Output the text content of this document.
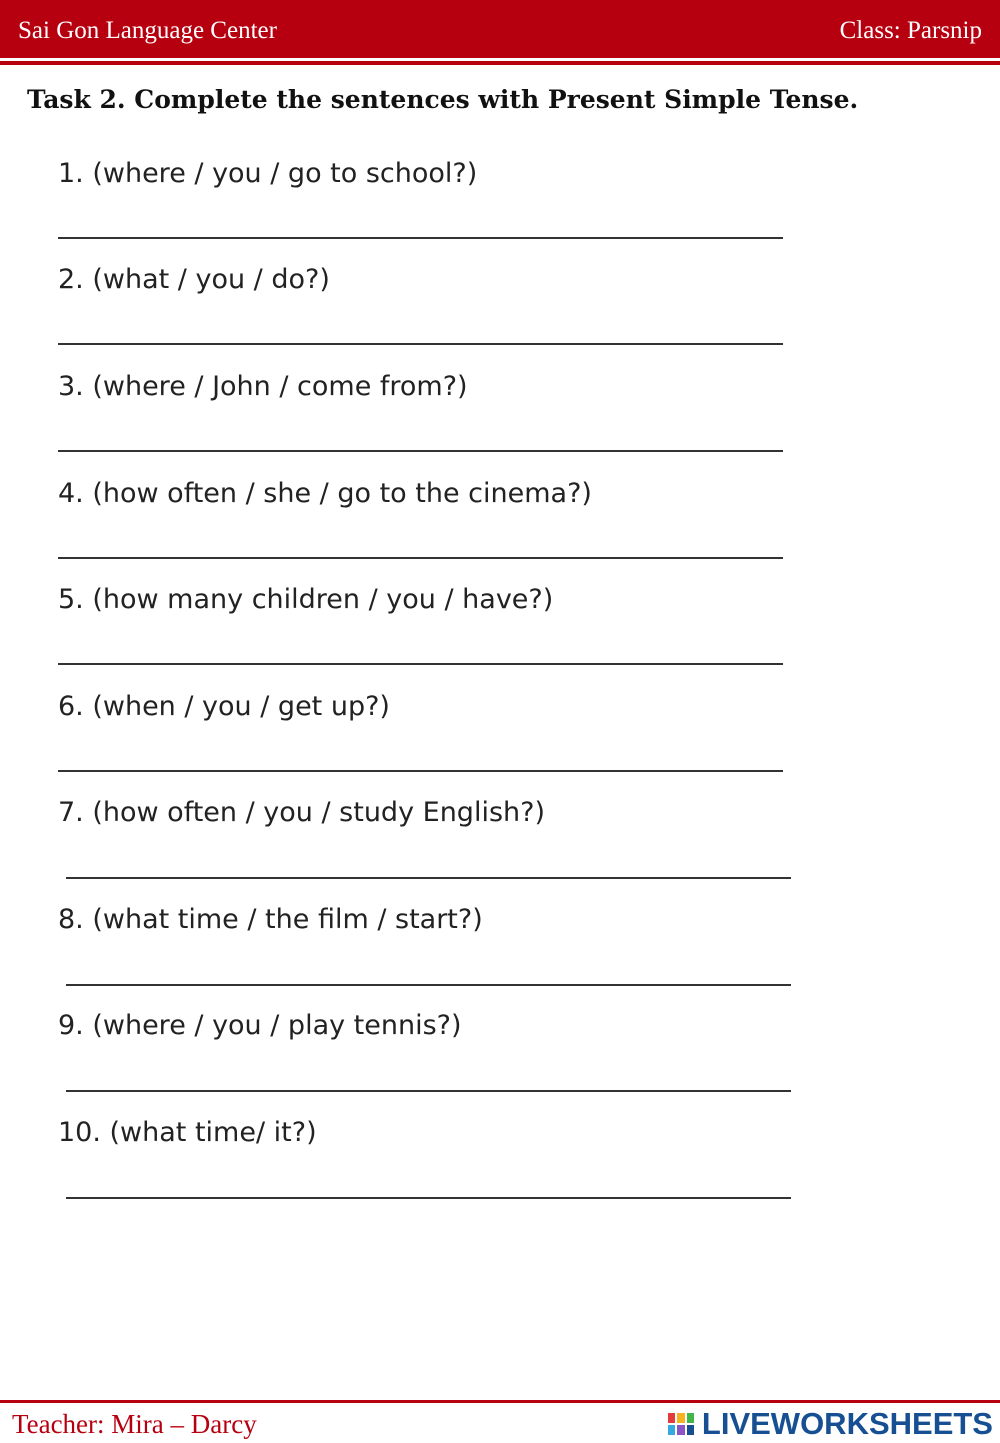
Sai Gon Language Center	Class: Parsnip
Task 2. Complete the sentences with Present Simple Tense.
1. (where / you / go to school?)
2. (what / you / do?)
3. (where / John / come from?)
4. (how often / she / go to the cinema?)
5. (how many children / you / have?)
6. (when / you / get up?)
7. (how often / you / study English?)
8. (what time / the film / start?)
9. (where / you / play tennis?)
10. (what time/ it?)
Teacher: Mira – Darcy	LIVEWORKSHEETS
